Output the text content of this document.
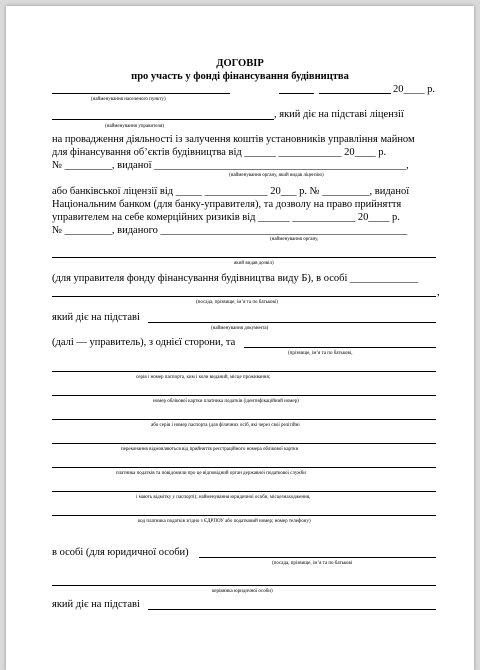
ДОГОВІР
про участь у фонді фінансування будівництва
20____ р.
(найменування населеного пункту)
, який діє на підставі ліцензії
(найменування управителя)
на провадження діяльності із залучення коштів установників управління майном
для фінансування об’єктів будівництва від ______ ____________ 20____ р.
№ _________, виданої ________________________________________________,
(найменування органу, який видав ліцензію)
або банківської ліцензії від _____ ____________ 20___ р. № _________, виданої
Національним банком (для банку-управителя), та дозволу на право прийняття
управителем на себе комерційних ризиків від ______ ____________ 20____ р.
№ _________, виданого _______________________________________________
(найменування органу,
який видав дозвіл)
(для управителя фонду фінансування будівництва виду Б), в особі _____________
,
(посада, прізвище, ім’я та по батькові)
який діє на підставі
(найменування документа)
(далі — управитель), з однієї сторони, та
(прізвище, ім’я та по батькові,
серія і номер паспорта, ким і коли виданий, місце проживання;
номер облікової картки платника податків (ідентифікаційний номер)
або серія і номер паспорта (для фізичних осіб, які через свої релігійні
переконання відмовляються від прийняття реєстраційного номера облікової картки
платника податків та повідомили про це відповідний орган державної податкової служби
і мають відмітку у паспорті); найменування юридичної особи, місцезнаходження,
код платника податків згідно з ЄДРПОУ або податковий номер; номер телефону)
в особі (для юридичної особи)
(посада, прізвище, ім’я та по батькові
керівника юридичної особи)
який діє на підставі
